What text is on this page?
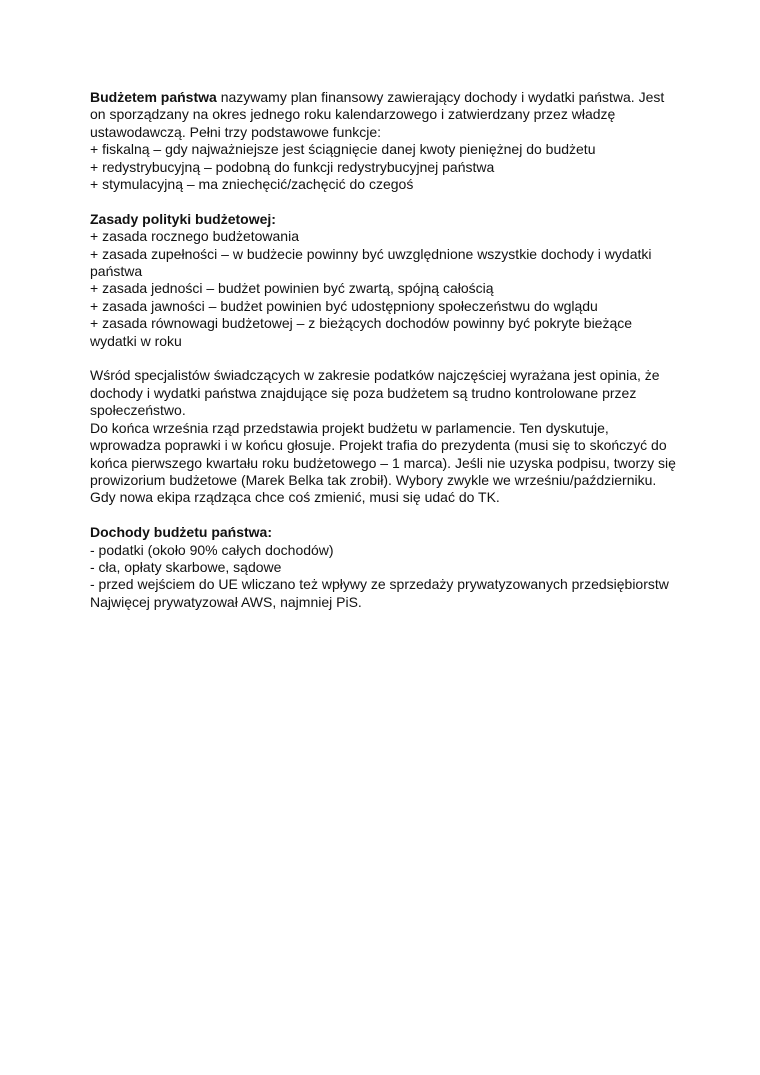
Budżetem państwa nazywamy plan finansowy zawierający dochody i wydatki państwa. Jest on sporządzany na okres jednego roku kalendarzowego i zatwierdzany przez władzę ustawodawczą. Pełni trzy podstawowe funkcje:

+ fiskalną – gdy najważniejsze jest ściągnięcie danej kwoty pieniężnej do budżetu
+ redystrybucyjną – podobną do funkcji redystrybucyjnej państwa
+ stymulacyjną – ma zniechęcić/zachęcić do czegoś
Zasady polityki budżetowej:
+ zasada rocznego budżetowania
+ zasada zupełności – w budżecie powinny być uwzględnione wszystkie dochody i wydatki państwa
+ zasada jedności – budżet powinien być zwartą, spójną całością
+ zasada jawności – budżet powinien być udostępniony społeczeństwu do wglądu
+ zasada równowagi budżetowej – z bieżących dochodów powinny być pokryte bieżące wydatki w roku

Wśród specjalistów świadczących w zakresie podatków najczęściej wyrażana jest opinia, że dochody i wydatki państwa znajdujące się poza budżetem są trudno kontrolowane przez społeczeństwo.

Do końca września rząd przedstawia projekt budżetu w parlamencie. Ten dyskutuje, wprowadza poprawki i w końcu głosuje. Projekt trafia do prezydenta (musi się to skończyć do końca pierwszego kwartału roku budżetowego – 1 marca). Jeśli nie uzyska podpisu, tworzy się prowizorium budżetowe (Marek Belka tak zrobił). Wybory zwykle we wrześniu/październiku. Gdy nowa ekipa rządząca chce coś zmienić, musi się udać do TK.

Dochody budżetu państwa:
- podatki (około 90% całych dochodów)
- cła, opłaty skarbowe, sądowe
- przed wejściem do UE wliczano też wpływy ze sprzedaży prywatyzowanych przedsiębiorstw
Najwięcej prywatyzował AWS, najmniej PiS.
